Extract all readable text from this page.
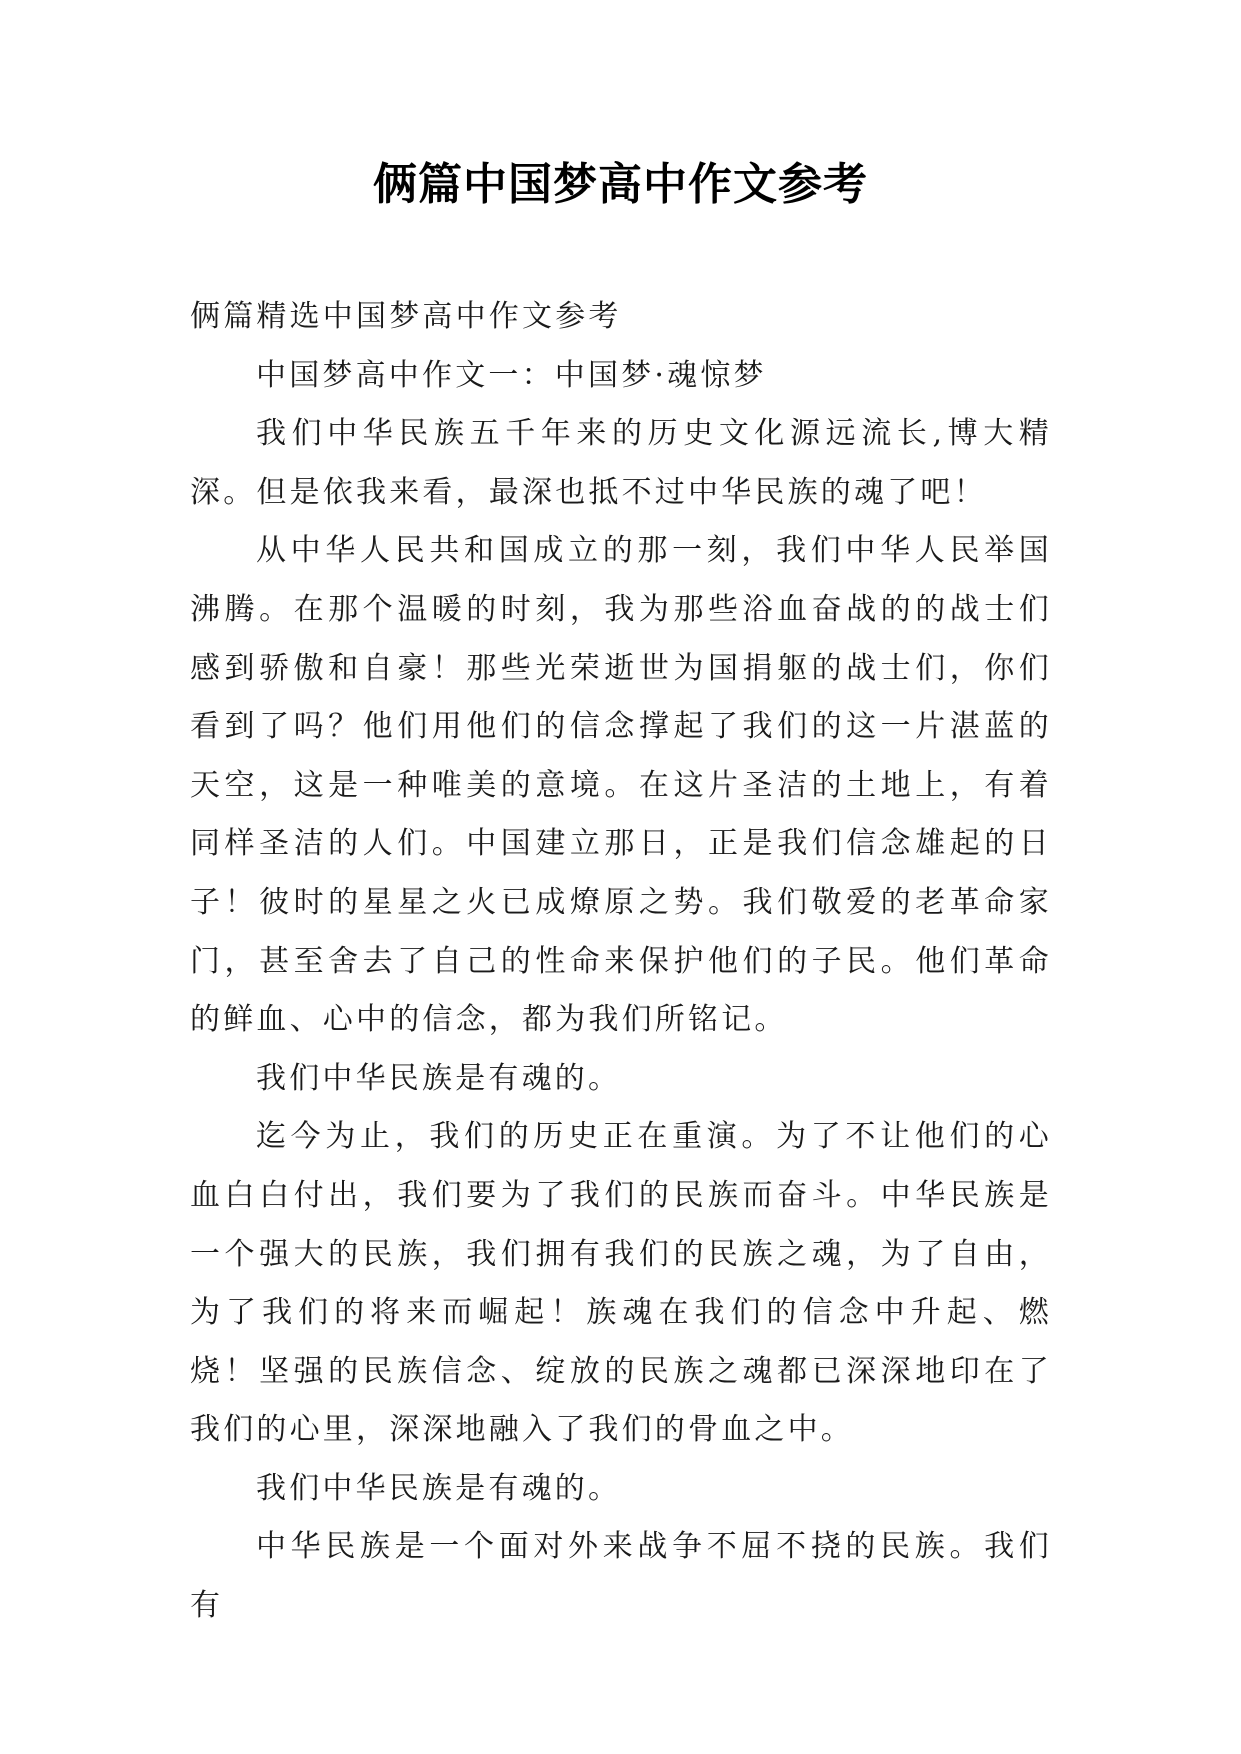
俩篇中国梦高中作文参考

俩篇精选中国梦高中作文参考

中国梦高中作文一：中国梦·魂惊梦

我们中华民族五千年来的历史文化源远流长,博大精深。但是依我来看，最深也抵不过中华民族的魂了吧！

从中华人民共和国成立的那一刻，我们中华人民举国沸腾。在那个温暖的时刻，我为那些浴血奋战的的战士们感到骄傲和自豪！那些光荣逝世为国捐躯的战士们，你们看到了吗？他们用他们的信念撑起了我们的这一片湛蓝的天空，这是一种唯美的意境。在这片圣洁的土地上，有着同样圣洁的人们。中国建立那日，正是我们信念雄起的日子！彼时的星星之火已成燎原之势。我们敬爱的老革命家门，甚至舍去了自己的性命来保护他们的子民。他们革命的鲜血、心中的信念，都为我们所铭记。

我们中华民族是有魂的。

迄今为止，我们的历史正在重演。为了不让他们的心血白白付出，我们要为了我们的民族而奋斗。中华民族是一个强大的民族，我们拥有我们的民族之魂，为了自由，为了我们的将来而崛起！族魂在我们的信念中升起、燃烧！坚强的民族信念、绽放的民族之魂都已深深地印在了我们的心里，深深地融入了我们的骨血之中。

我们中华民族是有魂的。

中华民族是一个面对外来战争不屈不挠的民族。我们有
